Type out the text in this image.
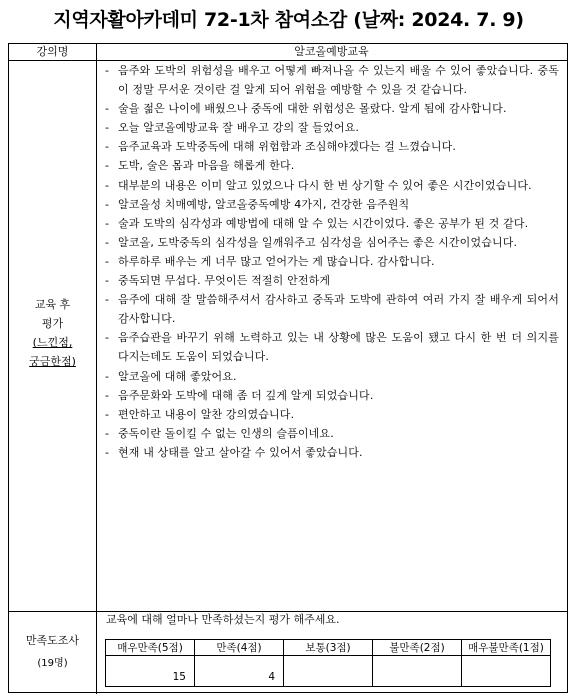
지역자활아카데미 72-1차 참여소감 (날짜: 2024. 7. 9)
강의명	알코올예방교육
교육 후
평가
(느낀점,
궁금한점)
- 음주와 도박의 위험성을 배우고 어떻게 빠져나올 수 있는지 배울 수 있어 좋았습니다. 중독이 정말 무서운 것이란 걸 알게 되어 위험을 예방할 수 있을 것 같습니다.
- 술을 젊은 나이에 배웠으나 중독에 대한 위험성은 몰랐다. 알게 됨에 감사합니다.
- 오늘 알코올예방교육 잘 배우고 강의 잘 들었어요.
- 음주교육과 도박중독에 대해 위험함과 조심해야겠다는 걸 느꼈습니다.
- 도박, 술은 몸과 마음을 해롭게 한다.
- 대부분의 내용은 이미 알고 있었으나 다시 한 번 상기할 수 있어 좋은 시간이었습니다.
- 알코올성 치매예방, 알코올중독예방 4가지, 건강한 음주원칙
- 술과 도박의 심각성과 예방법에 대해 알 수 있는 시간이었다. 좋은 공부가 된 것 같다.
- 알코올, 도박중독의 심각성을 일깨워주고 심각성을 심어주는 좋은 시간이었습니다.
- 하루하루 배우는 게 너무 많고 얻어가는 게 많습니다. 감사합니다.
- 중독되면 무섭다. 무엇이든 적절히 안전하게
- 음주에 대해 잘 말씀해주셔서 감사하고 중독과 도박에 관하여 여러 가지 잘 배우게 되어서 감사합니다.
- 음주습관을 바꾸기 위해 노력하고 있는 내 상황에 많은 도움이 됐고 다시 한 번 더 의지를 다지는데도 도움이 되었습니다.
- 알코올에 대해 좋았어요.
- 음주문화와 도박에 대해 좀 더 깊게 알게 되었습니다.
- 편안하고 내용이 알찬 강의였습니다.
- 중독이란 돌이킬 수 없는 인생의 슬픔이네요.
- 현재 내 상태를 알고 살아갈 수 있어서 좋았습니다.
만족도조사
(19명)
교육에 대해 얼마나 만족하셨는지 평가 해주세요.
매우만족(5점)	만족(4점)	보통(3점)	불만족(2점)	매우불만족(1점)
15	4			
